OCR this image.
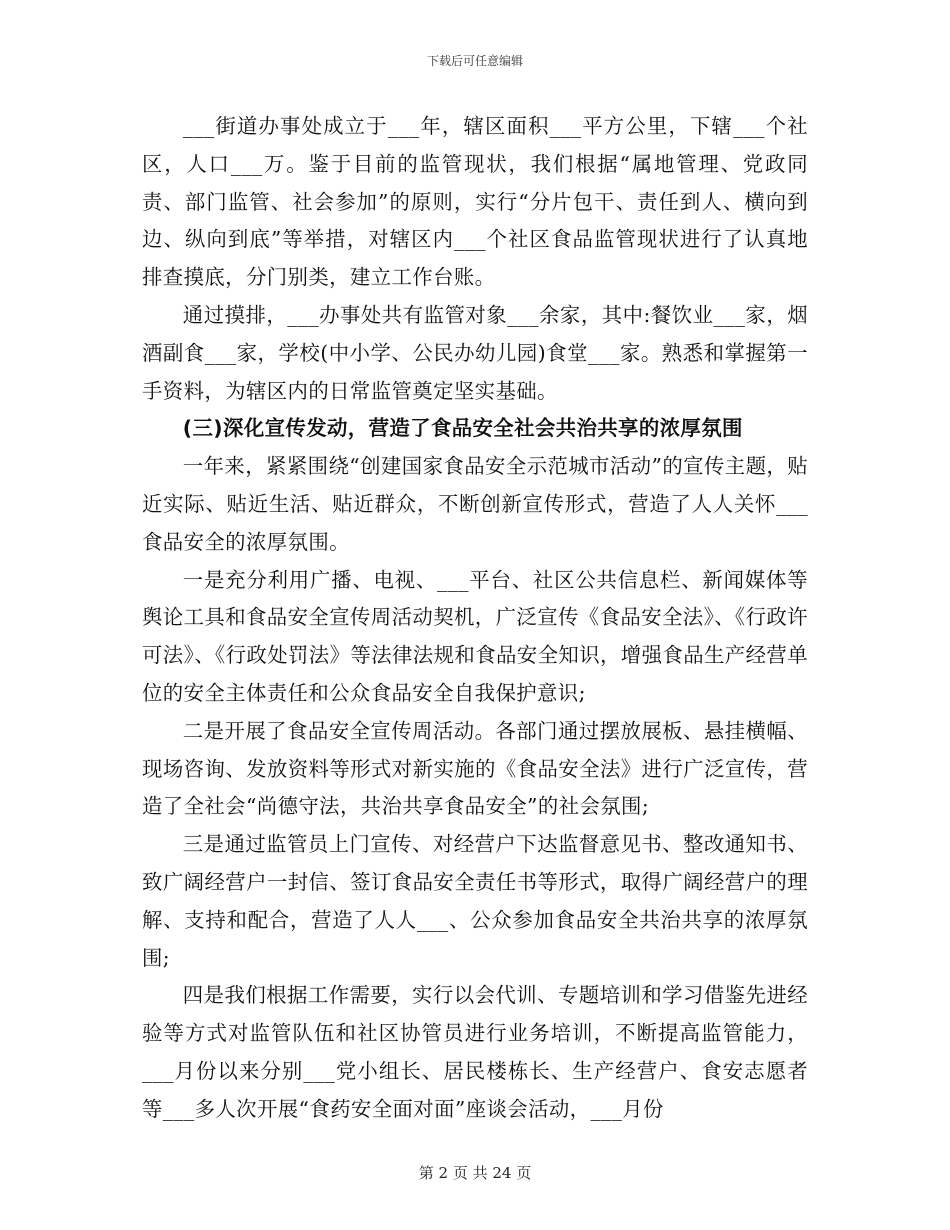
下载后可任意编辑

___街道办事处成立于___年，辖区面积___平方公里，下辖___个社区，人口___万。鉴于目前的监管现状，我们根据“属地管理、党政同责、部门监管、社会参加”的原则，实行“分片包干、责任到人、横向到边、纵向到底”等举措，对辖区内___个社区食品监管现状进行了认真地排查摸底，分门别类，建立工作台账。

通过摸排，___办事处共有监管对象___余家，其中:餐饮业___家，烟酒副食___家，学校(中小学、公民办幼儿园)食堂___家。熟悉和掌握第一手资料，为辖区内的日常监管奠定坚实基础。

(三)深化宣传发动，营造了食品安全社会共治共享的浓厚氛围

一年来，紧紧围绕“创建国家食品安全示范城市活动”的宣传主题，贴近实际、贴近生活、贴近群众，不断创新宣传形式，营造了人人关怀___食品安全的浓厚氛围。

一是充分利用广播、电视、___平台、社区公共信息栏、新闻媒体等舆论工具和食品安全宣传周活动契机，广泛宣传《食品安全法》、《行政许可法》、《行政处罚法》等法律法规和食品安全知识，增强食品生产经营单位的安全主体责任和公众食品安全自我保护意识;

二是开展了食品安全宣传周活动。各部门通过摆放展板、悬挂横幅、现场咨询、发放资料等形式对新实施的《食品安全法》进行广泛宣传，营造了全社会“尚德守法，共治共享食品安全”的社会氛围;

三是通过监管员上门宣传、对经营户下达监督意见书、整改通知书、致广阔经营户一封信、签订食品安全责任书等形式，取得广阔经营户的理解、支持和配合，营造了人人___、公众参加食品安全共治共享的浓厚氛围;

四是我们根据工作需要，实行以会代训、专题培训和学习借鉴先进经验等方式对监管队伍和社区协管员进行业务培训，不断提高监管能力，___月份以来分别___党小组长、居民楼栋长、生产经营户、食安志愿者等___多人次开展“食药安全面对面”座谈会活动，___月份

第 2 页 共 24 页
